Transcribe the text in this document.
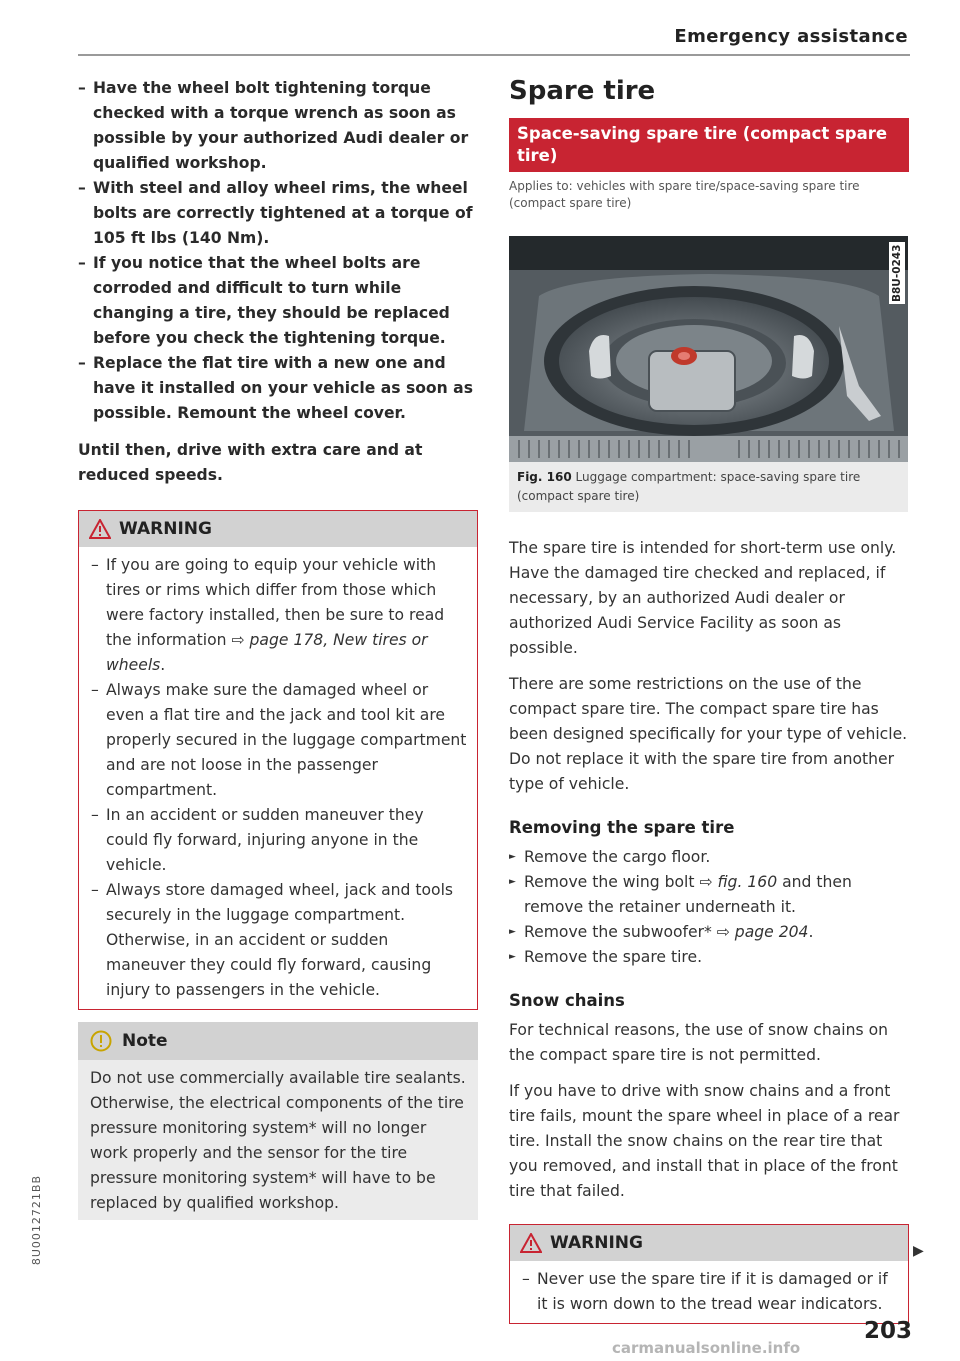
Emergency assistance
– Have the wheel bolt tightening torque checked with a torque wrench as soon as possible by your authorized Audi dealer or qualified workshop.
– With steel and alloy wheel rims, the wheel bolts are correctly tightened at a torque of 105 ft lbs (140 Nm).
– If you notice that the wheel bolts are corroded and difficult to turn while changing a tire, they should be replaced before you check the tightening torque.
– Replace the flat tire with a new one and have it installed on your vehicle as soon as possible. Remount the wheel cover.

Until then, drive with extra care and at reduced speeds.

WARNING
– If you are going to equip your vehicle with tires or rims which differ from those which were factory installed, then be sure to read the information ⇨ page 178, New tires or wheels.
– Always make sure the damaged wheel or even a flat tire and the jack and tool kit are properly secured in the luggage compartment and are not loose in the passenger compartment.
– In an accident or sudden maneuver they could fly forward, injuring anyone in the vehicle.
– Always store damaged wheel, jack and tools securely in the luggage compartment. Otherwise, in an accident or sudden maneuver they could fly forward, causing injury to passengers in the vehicle.
Note
Do not use commercially available tire sealants. Otherwise, the electrical components of the tire pressure monitoring system* will no longer work properly and the sensor for the tire pressure monitoring system* will have to be replaced by qualified workshop.
Spare tire
Space-saving spare tire (compact spare tire)
Applies to: vehicles with spare tire/space-saving spare tire (compact spare tire)
B8U-0243
Fig. 160 Luggage compartment: space-saving spare tire (compact spare tire)

The spare tire is intended for short-term use only. Have the damaged tire checked and replaced, if necessary, by an authorized Audi dealer or authorized Audi Service Facility as soon as possible.

There are some restrictions on the use of the compact spare tire. The compact spare tire has been designed specifically for your type of vehicle. Do not replace it with the spare tire from another type of vehicle.

Removing the spare tire
► Remove the cargo floor.
► Remove the wing bolt ⇨ fig. 160 and then remove the retainer underneath it.
► Remove the subwoofer* ⇨ page 204.
► Remove the spare tire.
Snow chains

For technical reasons, the use of snow chains on the compact spare tire is not permitted.

If you have to drive with snow chains and a front tire fails, mount the spare wheel in place of a rear tire. Install the snow chains on the rear tire that you removed, and install that in place of the front tire that failed.

WARNING
– Never use the spare tire if it is damaged or if it is worn down to the tread wear indicators.
▶
203
8U0012721BB
carmanualsonline.info
